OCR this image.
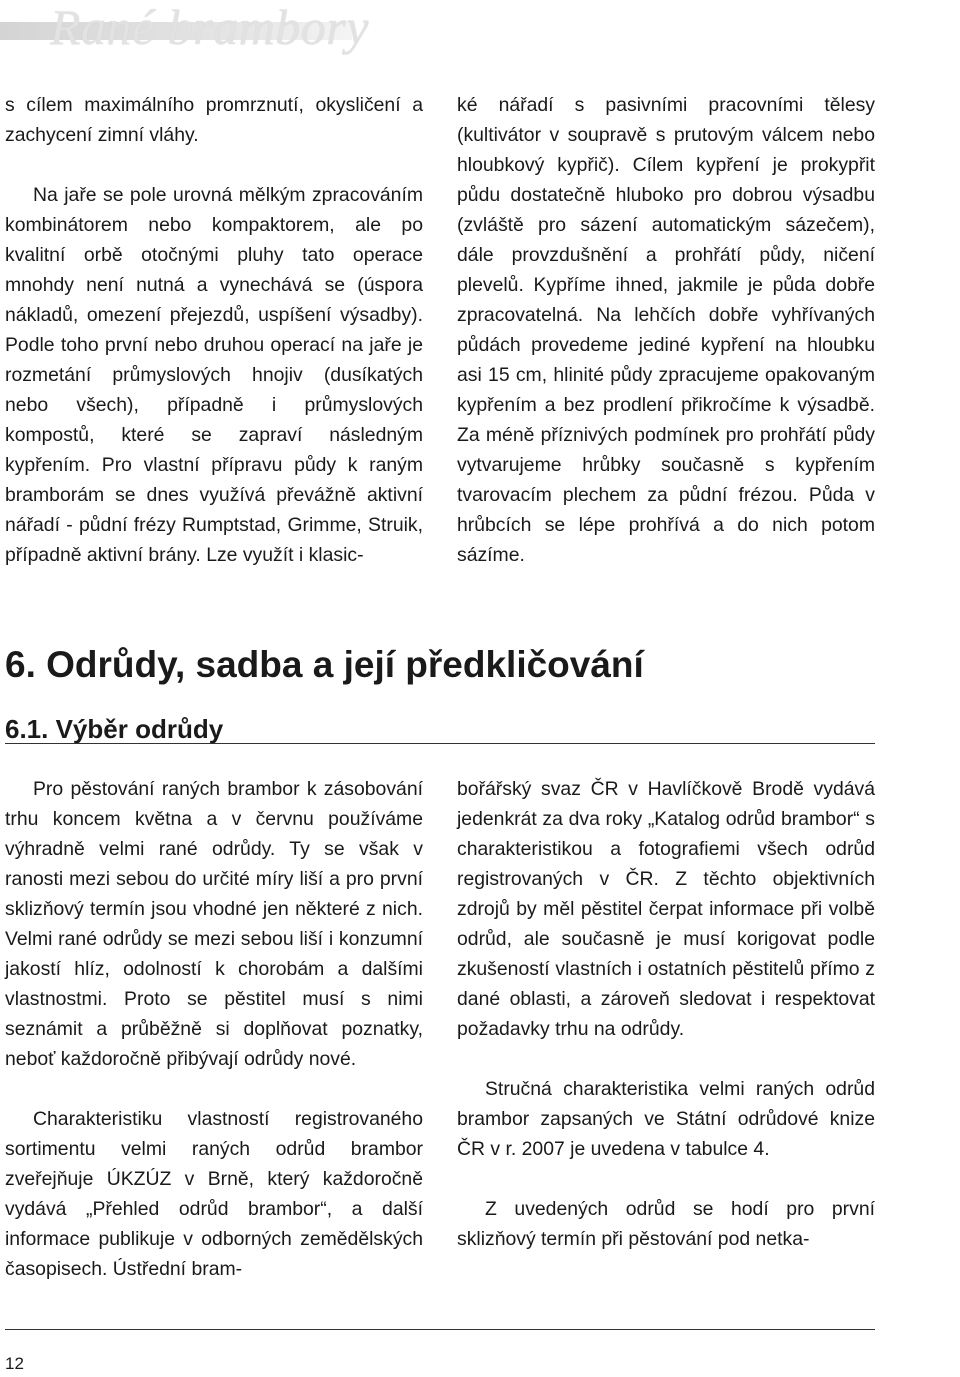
Rané brambory

s cílem maximálního promrznutí, okysličení a zachycení zimní vláhy.

Na jaře se pole urovná mělkým zpracováním kombinátorem nebo kompaktorem, ale po kvalitní orbě otočnými pluhy tato operace mnohdy není nutná a vynechává se (úspora nákladů, omezení přejezdů, uspíšení výsadby). Podle toho první nebo druhou operací na jaře je rozmetání průmyslových hnojiv (dusíkatých nebo všech), případně i průmyslových kompostů, které se zapraví následným kypřením. Pro vlastní přípravu půdy k raným bramborám se dnes využívá převážně aktivní nářadí - půdní frézy Rumptstad, Grimme, Struik, případně aktivní brány. Lze využít i klasic-

ké nářadí s pasivními pracovními tělesy (kultivátor v soupravě s prutovým válcem nebo hloubkový kypřič). Cílem kypření je prokypřit půdu dostatečně hluboko pro dobrou výsadbu (zvláště pro sázení automatickým sázečem), dále provzdušnění a prohřátí půdy, ničení plevelů. Kypříme ihned, jakmile je půda dobře zpracovatelná. Na lehčích dobře vyhřívaných půdách provedeme jediné kypření na hloubku asi 15 cm, hlinité půdy zpracujeme opakovaným kypřením a bez prodlení přikročíme k výsadbě. Za méně příznivých podmínek pro prohřátí půdy vytvarujeme hrůbky současně s kypřením tvarovacím plechem za půdní frézou. Půda v hrůbcích se lépe prohřívá a do nich potom sázíme.

6. Odrůdy, sadba a její předkličování
6.1. Výběr odrůdy

Pro pěstování raných brambor k zásobování trhu koncem května a v červnu používáme výhradně velmi rané odrůdy. Ty se však v ranosti mezi sebou do určité míry liší a pro první sklizňový termín jsou vhodné jen některé z nich. Velmi rané odrůdy se mezi sebou liší i konzumní jakostí hlíz, odolností k chorobám a dalšími vlastnostmi. Proto se pěstitel musí s nimi seznámit a průběžně si doplňovat poznatky, neboť každoročně přibývají odrůdy nové.

Charakteristiku vlastností registrovaného sortimentu velmi raných odrůd brambor zveřejňuje ÚKZÚZ v Brně, který každoročně vydává „Přehled odrůd brambor“, a další informace publikuje v odborných zemědělských časopisech. Ústřední bram-

bořářský svaz ČR v Havlíčkově Brodě vydává jedenkrát za dva roky „Katalog odrůd brambor“ s charakteristikou a fotografiemi všech odrůd registrovaných v ČR. Z těchto objektivních zdrojů by měl pěstitel čerpat informace při volbě odrůd, ale současně je musí korigovat podle zkušeností vlastních i ostatních pěstitelů přímo z dané oblasti, a zároveň sledovat i respektovat požadavky trhu na odrůdy.

Stručná charakteristika velmi raných odrůd brambor zapsaných ve Státní odrůdové knize ČR v r. 2007 je uvedena v tabulce 4.

Z uvedených odrůd se hodí pro první sklizňový termín při pěstování pod netka-

12
